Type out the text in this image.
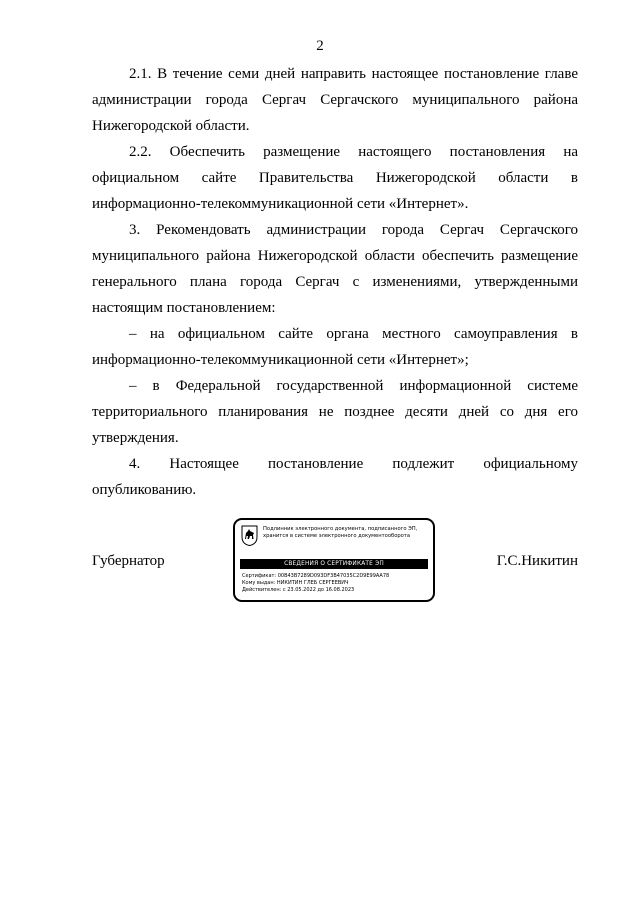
2

2.1. В течение семи дней направить настоящее постановление главе администрации города Сергач Сергачского муниципального района Нижегородской области.

2.2. Обеспечить размещение настоящего постановления на официальном сайте Правительства Нижегородской области в информационно-телекоммуникационной сети «Интернет».

3. Рекомендовать администрации города Сергач Сергачского муниципального района Нижегородской области обеспечить размещение генерального плана города Сергач с изменениями, утвержденными настоящим постановлением:

– на официальном сайте органа местного самоуправления в информационно-телекоммуникационной сети «Интернет»;

– в Федеральной государственной информационной системе территориального планирования не позднее десяти дней со дня его утверждения.

4. Настоящее постановление подлежит официальному опубликованию.

Губернатор
Подлинник электронного документа, подписанного ЭП,
хранится в системе электронного документооборота
СВЕДЕНИЯ О СЕРТИФИКАТЕ ЭП
Сертификат: 00B43B7289D093DF3B47035C2D9E99AA78
Кому выдан: НИКИТИН ГЛЕБ СЕРГЕЕВИЧ
Действителен: с 23.05.2022 до 16.08.2023
Г.С.Никитин
